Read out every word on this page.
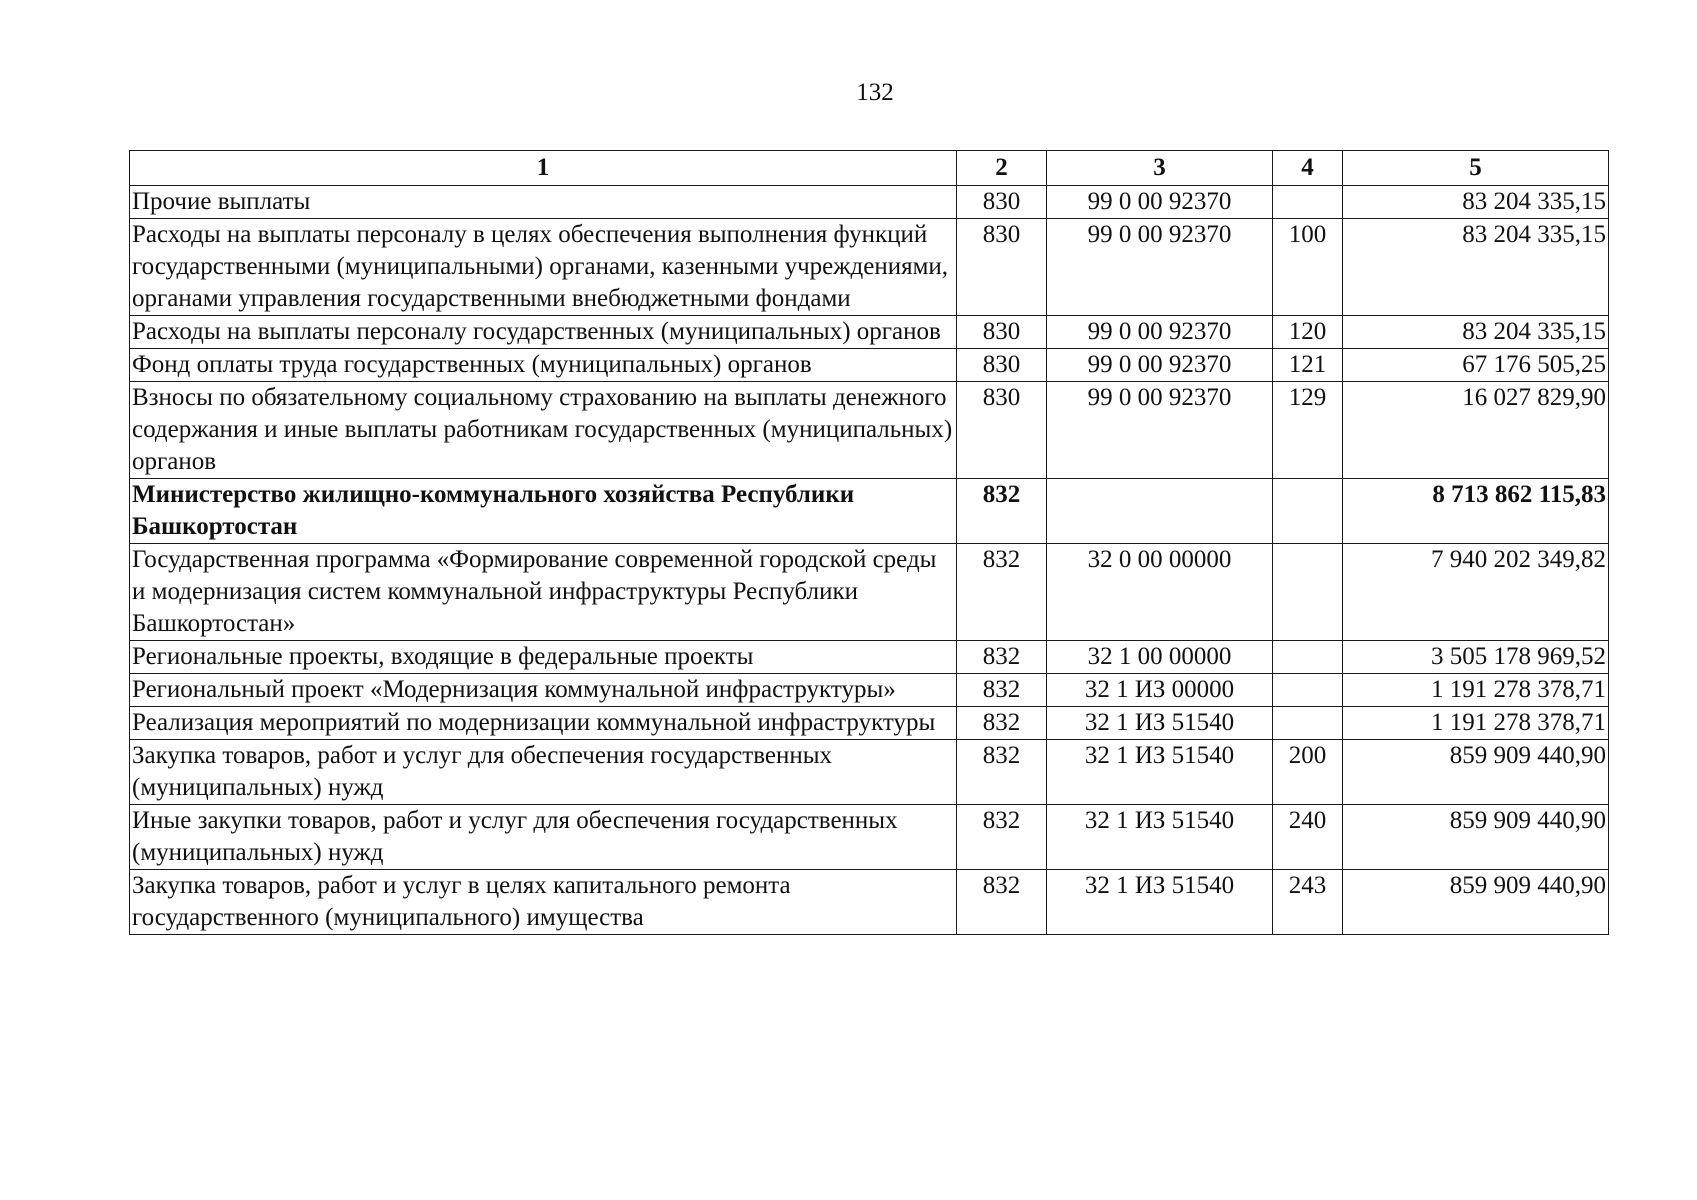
132
1	2	3	4	5
Прочие выплаты	830	99 0 00 92370		83 204 335,15
Расходы на выплаты персоналу в целях обеспечения выполнения функций государственными (муниципальными) органами, казенными учреждениями, органами управления государственными внебюджетными фондами	830	99 0 00 92370	100	83 204 335,15
Расходы на выплаты персоналу государственных (муниципальных) органов	830	99 0 00 92370	120	83 204 335,15
Фонд оплаты труда государственных (муниципальных) органов	830	99 0 00 92370	121	67 176 505,25
Взносы по обязательному социальному страхованию на выплаты денежного содержания и иные выплаты работникам государственных (муниципальных) органов	830	99 0 00 92370	129	16 027 829,90
Министерство жилищно-коммунального хозяйства Республики Башкортостан	832			8 713 862 115,83
Государственная программа «Формирование современной городской среды и модернизация систем коммунальной инфраструктуры Республики Башкортостан»	832	32 0 00 00000		7 940 202 349,82
Региональные проекты, входящие в федеральные проекты	832	32 1 00 00000		3 505 178 969,52
Региональный проект «Модернизация коммунальной инфраструктуры»	832	32 1 ИЗ 00000		1 191 278 378,71
Реализация мероприятий по модернизации коммунальной инфраструктуры	832	32 1 ИЗ 51540		1 191 278 378,71
Закупка товаров, работ и услуг для обеспечения государственных (муниципальных) нужд	832	32 1 ИЗ 51540	200	859 909 440,90
Иные закупки товаров, работ и услуг для обеспечения государственных (муниципальных) нужд	832	32 1 ИЗ 51540	240	859 909 440,90
Закупка товаров, работ и услуг в целях капитального ремонта государственного (муниципального) имущества	832	32 1 ИЗ 51540	243	859 909 440,90
